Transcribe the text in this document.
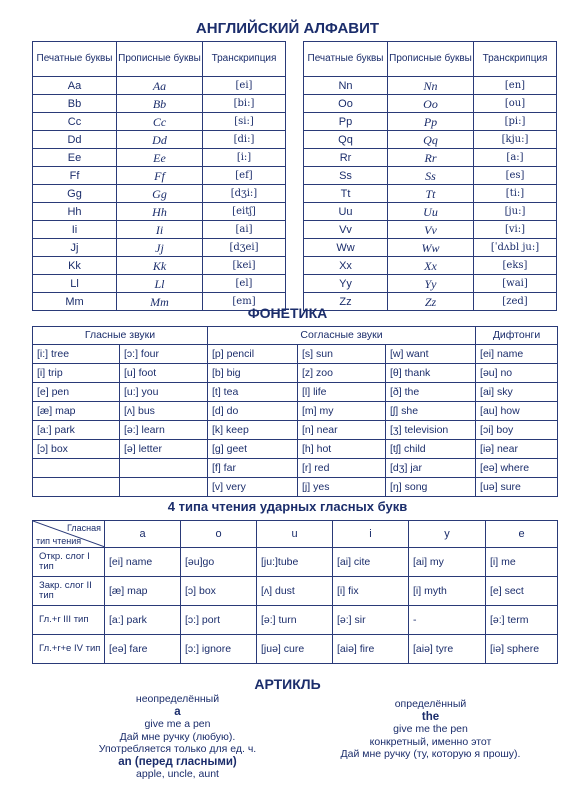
АНГЛИЙСКИЙ АЛФАВИТ
Печатные буквы	Прописные буквы	Транскрипция
Aa	Aa	[ei]
Bb	Bb	[bi:]
Cc	Cc	[si:]
Dd	Dd	[di:]
Ee	Ee	[i:]
Ff	Ff	[ef]
Gg	Gg	[dʒi:]
Hh	Hh	[eitʃ]
Ii	Ii	[ai]
Jj	Jj	[dʒei]
Kk	Kk	[kei]
Ll	Ll	[el]
Mm	Mm	[em]
Печатные буквы	Прописные буквы	Транскрипция
Nn	Nn	[en]
Oo	Oo	[ou]
Pp	Pp	[pi:]
Qq	Qq	[kju:]
Rr	Rr	[a:]
Ss	Ss	[es]
Tt	Tt	[ti:]
Uu	Uu	[ju:]
Vv	Vv	[vi:]
Ww	Ww	[ˈdʌbl ju:]
Xx	Xx	[eks]
Yy	Yy	[wai]
Zz	Zz	[zed]
ФОНЕТИКА
Гласные звуки		Согласные звуки			Дифтонги
[i:] tree	[ɔ:] four	[p] pencil	[s] sun	[w] want	[ei] name
[i] trip	[u] foot	[b] big	[z] zoo	[θ] thank	[əu] no
[e] pen	[u:] you	[t] tea	[l] life	[ð] the	[ai] sky
[æ] map	[ʌ] bus	[d] do	[m] my	[ʃ] she	[au] how
[a:] park	[ə:] learn	[k] keep	[n] near	[ʒ] television	[ɔi] boy
[ɔ] box	[ə] letter	[g] geet	[h] hot	[tʃ] child	[iə] near
		[f] far	[r] red	[dʒ] jar	[eə] where
		[v] very	[j] yes	[ŋ] song	[uə] sure
4 типа чтения ударных гласных букв
Гласная
тип чтения	a	o	u	i	y	e
Откр. слог I тип	[ei] name	[əu]go	[ju:]tube	[ai] cite	[ai] my	[i] me
Закр. слог II тип	[æ] map	[ɔ] box	[ʌ] dust	[i] fix	[i] myth	[e] sect
Гл.+r III тип	[a:] park	[ɔ:] port	[ə:] turn	[ə:] sir	-	[ə:] term
Гл.+r+e IV тип	[eə] fare	[ɔ:] ignore	[juə] cure	[aiə] fire	[aiə] tyre	[iə] sphere
АРТИКЛЬ
неопределённый
a
give me a pen
Дай мне ручку (любую).
Употребляется только для ед. ч.
an (перед гласными)
apple, uncle, aunt
определённый
the
give me the pen
конкретный, именно этот
Дай мне ручку (ту, которую я прошу).
